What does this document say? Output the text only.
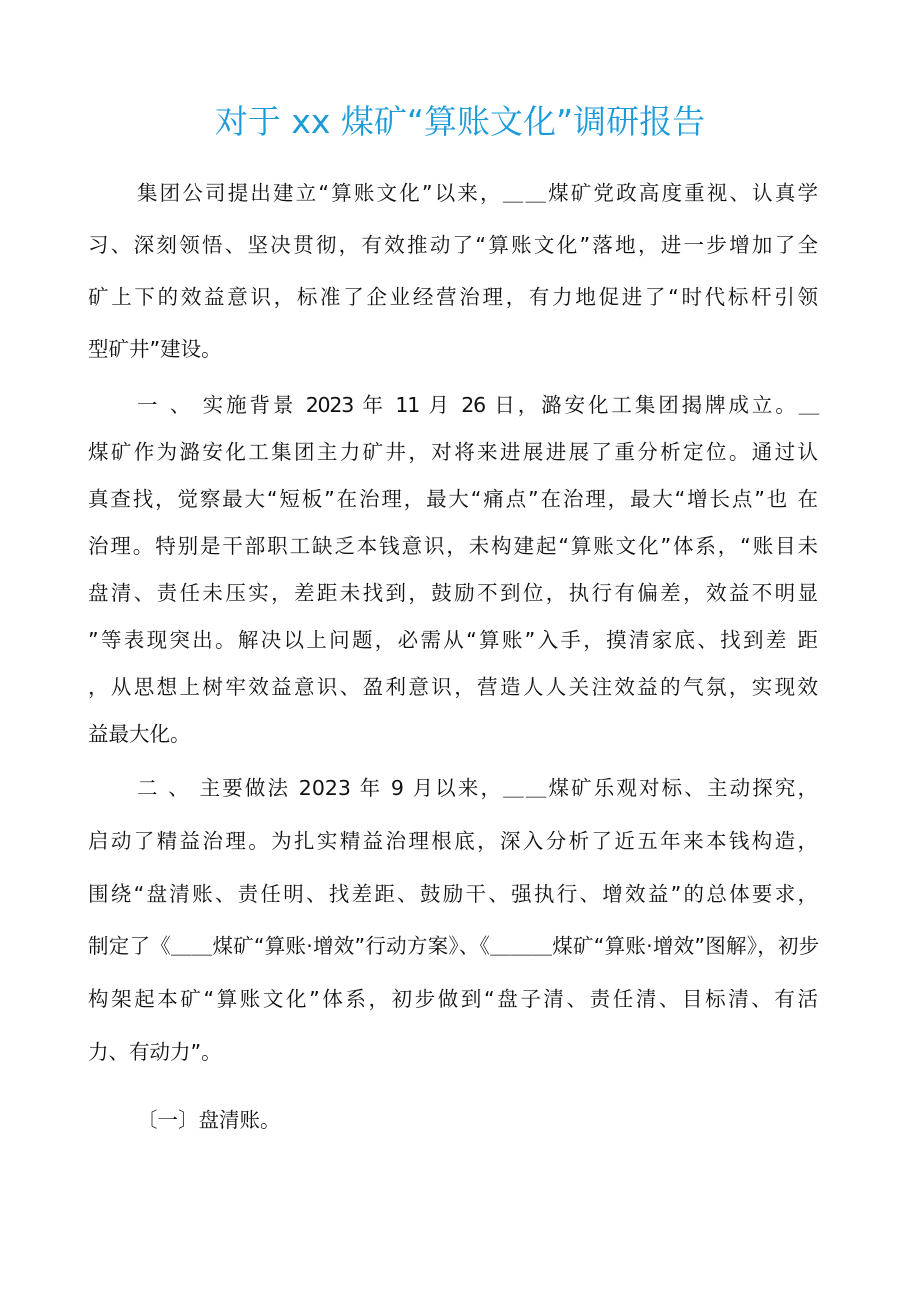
对于 xx 煤矿“算账文化”调研报告
集团公司提出建立“算账文化”以来，＿＿煤矿党政高度重视、认真学
习、深刻领悟、坚决贯彻，有效推动了“算账文化”落地，进一步增加了全
矿上下的效益意识，标准了企业经营治理，有力地促进了“时代标杆引领
型矿井”建设。
一 、 实施背景 2023 年 11 月 26 日，潞安化工集团揭牌成立。＿
煤矿作为潞安化工集团主力矿井，对将来进展进展了重分析定位。通过认
真查找，觉察最大“短板”在治理，最大“痛点”在治理，最大“增长点”也 在
治理。特别是干部职工缺乏本钱意识，未构建起“算账文化”体系，“账目未
盘清、责任未压实，差距未找到，鼓励不到位，执行有偏差，效益不明显
”等表现突出。解决以上问题，必需从“算账”入手，摸清家底、找到差 距
，从思想上树牢效益意识、盈利意识，营造人人关注效益的气氛，实现效
益最大化。
二 、 主要做法 2023 年 9 月以来，＿＿煤矿乐观对标、主动探究，
启动了精益治理。为扎实精益治理根底，深入分析了近五年来本钱构造，
围绕“盘清账、责任明、找差距、鼓励干、强执行、增效益”的总体要求，
制定了《＿＿煤矿“算账·增效”行动方案》、《＿＿＿煤矿“算账·增效”图解》，初步
构架起本矿“算账文化”体系，初步做到“盘子清、责任清、目标清、有活
力、有动力”。
〔一〕盘清账。
